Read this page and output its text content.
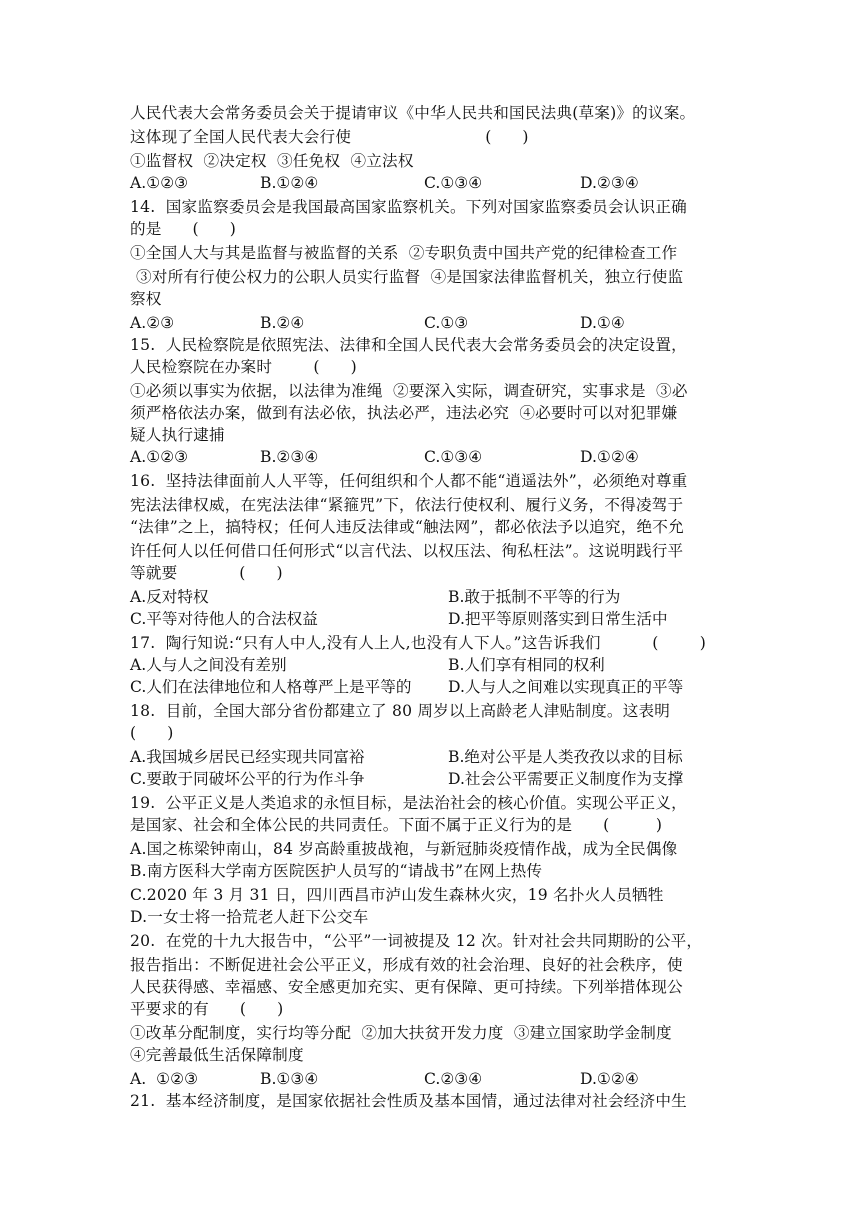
人民代表大会常务委员会关于提请审议《中华人民共和国民法典(草案)》的议案。
这体现了全国人民代表大会行使                          (      )
①监督权  ②决定权  ③任免权  ④立法权

A.①②③

	B.①②④

	C.①③④

	D.②③④

14.  国家监察委员会是我国最高国家监察机关。下列对国家监察委员会认识正确
的是      (      )
①全国人大与其是监督与被监督的关系  ②专职负责中国共产党的纪律检查工作
③对所有行使公权力的公职人员实行监督  ④是国家法律监督机关，独立行使监
察权

A.②③

	B.②④

	C.①③

	D.①④

15.  人民检察院是依照宪法、法律和全国人民代表大会常务委员会的决定设置，
人民检察院在办案时        (      )
①必须以事实为依据，以法律为准绳  ②要深入实际，调查研究，实事求是  ③必
须严格依法办案，做到有法必依，执法必严，违法必究  ④必要时可以对犯罪嫌
疑人执行逮捕

A.①②③

	B.②③④

	C.①③④

	D.①②④

16.  坚持法律面前人人平等，任何组织和个人都不能“逍遥法外”，必须绝对尊重
宪法法律权威，在宪法法律“紧箍咒”下，依法行使权利、履行义务，不得凌驾于
“法律”之上，搞特权；任何人违反法律或“触法网”，都必依法予以追究，绝不允
许任何人以任何借口任何形式“以言代法、以权压法、徇私枉法”。这说明践行平
等就要            (      )

A.反对特权

	B.敢于抵制不平等的行为

C.平等对待他人的合法权益

	D.把平等原则落实到日常生活中

17.  陶行知说:“只有人中人,没有人上人,也没有人下人。”这告诉我们          (        )

A.人与人之间没有差别

	B.人们享有相同的权利

C.人们在法律地位和人格尊严上是平等的

D.人与人之间难以实现真正的平等

18.  目前，全国大部分省份都建立了 80 周岁以上高龄老人津贴制度。这表明
(      )

A.我国城乡居民已经实现共同富裕

	B.绝对公平是人类孜孜以求的目标

C.要敢于同破坏公平的行为作斗争

	D.社会公平需要正义制度作为支撑

19.  公平正义是人类追求的永恒目标，是法治社会的核心价值。实现公平正义，
是国家、社会和全体公民的共同责任。下面不属于正义行为的是      (         )
A.国之栋梁钟南山，84 岁高龄重披战袍，与新冠肺炎疫情作战，成为全民偶像
B.南方医科大学南方医院医护人员写的“请战书”在网上热传
C.2020 年 3 月 31 日，四川西昌市泸山发生森林火灾，19 名扑火人员牺牲
D.一女士将一拾荒老人赶下公交车
20.  在党的十九大报告中，“公平”一词被提及 12 次。针对社会共同期盼的公平，
报告指出：不断促进社会公平正义，形成有效的社会治理、良好的社会秩序，使
人民获得感、幸福感、安全感更加充实、更有保障、更可持续。下列举措体现公
平要求的有      (      )
①改革分配制度，实行均等分配  ②加大扶贫开发力度  ③建立国家助学金制度
④完善最低生活保障制度

A.  ①②③

	B.①③④

	C.②③④

	D.①②④

21.  基本经济制度，是国家依据社会性质及基本国情，通过法律对社会经济中生
